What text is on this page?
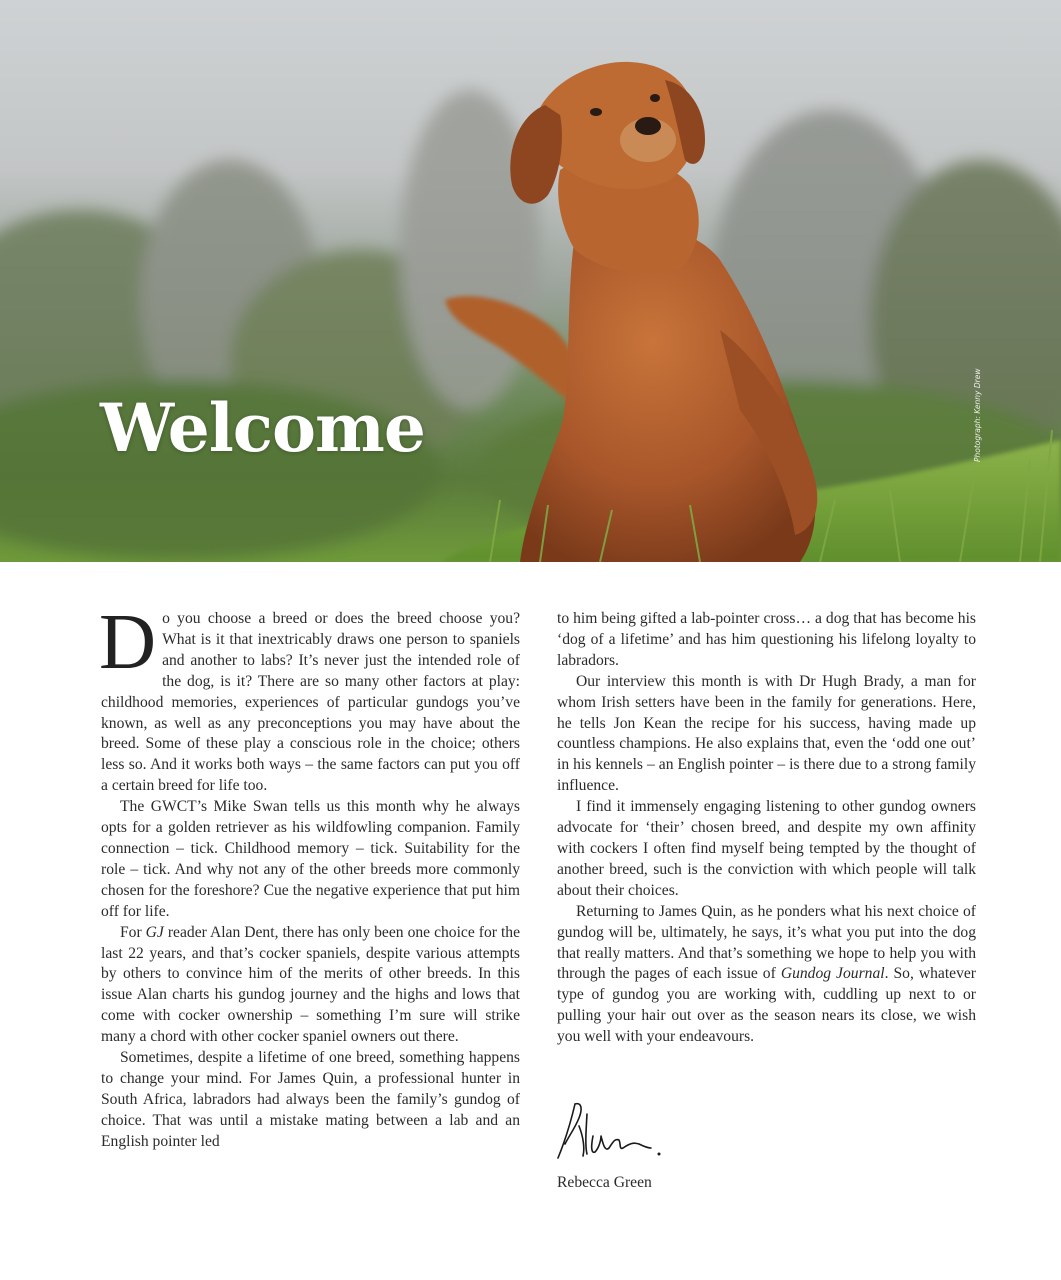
Welcome	Photograph: Kenny Drew

Do you choose a breed or does the breed choose you? What is it that inextricably draws one person to spaniels and another to labs? It’s never just the intended role of the dog, is it? There are so many other factors at play: childhood memories, experiences of particular gundogs you’ve known, as well as any preconceptions you may have about the breed. Some of these play a conscious role in the choice; others less so. And it works both ways – the same factors can put you off a certain breed for life too.

The GWCT’s Mike Swan tells us this month why he always opts for a golden retriever as his wildfowling companion. Family connection – tick. Childhood memory – tick. Suitability for the role – tick. And why not any of the other breeds more commonly chosen for the foreshore? Cue the negative experience that put him off for life.

For GJ reader Alan Dent, there has only been one choice for the last 22 years, and that’s cocker spaniels, despite various attempts by others to convince him of the merits of other breeds. In this issue Alan charts his gundog journey and the highs and lows that come with cocker ownership – something I’m sure will strike many a chord with other cocker spaniel owners out there.

Sometimes, despite a lifetime of one breed, something happens to change your mind. For James Quin, a professional hunter in South Africa, labradors had always been the family’s gundog of choice. That was until a mistake mating between a lab and an English pointer led

to him being gifted a lab-pointer cross… a dog that has become his ‘dog of a lifetime’ and has him questioning his lifelong loyalty to labradors.

Our interview this month is with Dr Hugh Brady, a man for whom Irish setters have been in the family for generations. Here, he tells Jon Kean the recipe for his success, having made up countless champions. He also explains that, even the ‘odd one out’ in his kennels – an English pointer – is there due to a strong family influence.

I find it immensely engaging listening to other gundog owners advocate for ‘their’ chosen breed, and despite my own affinity with cockers I often find myself being tempted by the thought of another breed, such is the conviction with which people will talk about their choices.

Returning to James Quin, as he ponders what his next choice of gundog will be, ultimately, he says, it’s what you put into the dog that really matters. And that’s something we hope to help you with through the pages of each issue of Gundog Journal. So, whatever type of gundog you are working with, cuddling up next to or pulling your hair out over as the season nears its close, we wish you well with your endeavours.

Rebecca Green
